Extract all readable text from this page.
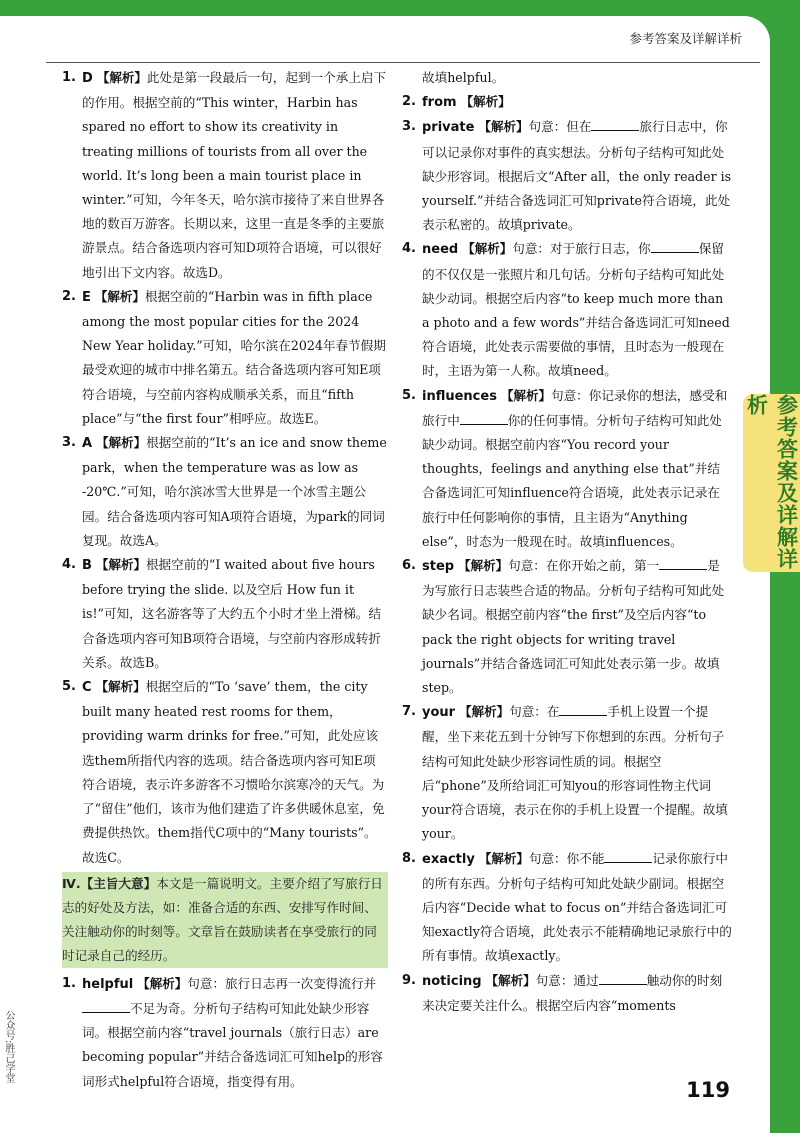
参考答案及详解详析
1. D 【解析】此处是第一段最后一句，起到一个承上启下的作用。根据空前的“This winter，Harbin has spared no effort to show its creativity in treating millions of tourists from all over the world. It’s long been a main tourist place in winter.”可知，今年冬天，哈尔滨市接待了来自世界各地的数百万游客。长期以来，这里一直是冬季的主要旅游景点。结合备选项内容可知D项符合语境，可以很好地引出下文内容。故选D。
2. E 【解析】根据空前的“Harbin was in fifth place among the most popular cities for the 2024 New Year holiday.”可知，哈尔滨在2024年春节假期最受欢迎的城市中排名第五。结合备选项内容可知E项符合语境，与空前内容构成顺承关系，而且“fifth place”与“the first four”相呼应。故选E。
3. A 【解析】根据空前的“It’s an ice and snow theme park，when the temperature was as low as -20℃.”可知，哈尔滨冰雪大世界是一个冰雪主题公园。结合备选项内容可知A项符合语境，为park的同词复现。故选A。
4. B 【解析】根据空前的“I waited about five hours before trying the slide. 以及空后 How fun it is!”可知，这名游客等了大约五个小时才坐上滑梯。结合备选项内容可知B项符合语境，与空前内容形成转折关系。故选B。
5. C 【解析】根据空后的“To ‘save’ them，the city built many heated rest rooms for them，providing warm drinks for free.”可知，此处应该选them所指代内容的选项。结合备选项内容可知E项符合语境，表示许多游客不习惯哈尔滨寒冷的天气。为了“留住”他们，该市为他们建造了许多供暖休息室，免费提供热饮。them指代C项中的“Many tourists”。故选C。
Ⅳ.【主旨大意】本文是一篇说明文。主要介绍了写旅行日志的好处及方法，如：准备合适的东西、安排写作时间、关注触动你的时刻等。文章旨在鼓励读者在享受旅行的同时记录自己的经历。
1. helpful 【解析】句意：旅行日志再一次变得流行并不足为奇。分析句子结构可知此处缺少形容词。根据空前内容“travel journals（旅行日志）are becoming popular”并结合备选词汇可知help的形容词形式helpful符合语境，指变得有用。
故填helpful。
2. from 【解析】
3. private 【解析】句意：但在	旅行日志中，你可以记录你对事件的真实想法。分析句子结构可知此处缺少形容词。根据后文“After all，the only reader is yourself.”并结合备选词汇可知private符合语境，此处表示私密的。故填private。
4. need 【解析】句意：对于旅行日志，你	保留的不仅仅是一张照片和几句话。分析句子结构可知此处缺少动词。根据空后内容“to keep much more than a photo and a few words”并结合备选词汇可知need符合语境，此处表示需要做的事情，且时态为一般现在时，主语为第一人称。故填need。
5. influences 【解析】句意：你记录你的想法，感受和旅行中	你的任何事情。分析句子结构可知此处缺少动词。根据空前内容“You record your thoughts，feelings and anything else that”并结合备选词汇可知influence符合语境，此处表示记录在旅行中任何影响你的事情，且主语为“Anything else”，时态为一般现在时。故填influences。
6. step 【解析】句意：在你开始之前，第一	是为写旅行日志装些合适的物品。分析句子结构可知此处缺少名词。根据空前内容“the first”及空后内容“to pack the right objects for writing travel journals”并结合备选词汇可知此处表示第一步。故填step。
7. your 【解析】句意：在	手机上设置一个提醒，坐下来花五到十分钟写下你想到的东西。分析句子结构可知此处缺少形容词性质的词。根据空后“phone”及所给词汇可知you的形容词性物主代词your符合语境，表示在你的手机上设置一个提醒。故填your。
8. exactly 【解析】句意：你不能	记录你旅行中的所有东西。分析句子结构可知此处缺少副词。根据空后内容“Decide what to focus on”并结合备选词汇可知exactly符合语境，此处表示不能精确地记录旅行中的所有事情。故填exactly。
9. noticing 【解析】句意：通过	触动你的时刻来决定要关注什么。根据空后内容“moments
参考答案及详解详析
公众号:胜己学堂
119
